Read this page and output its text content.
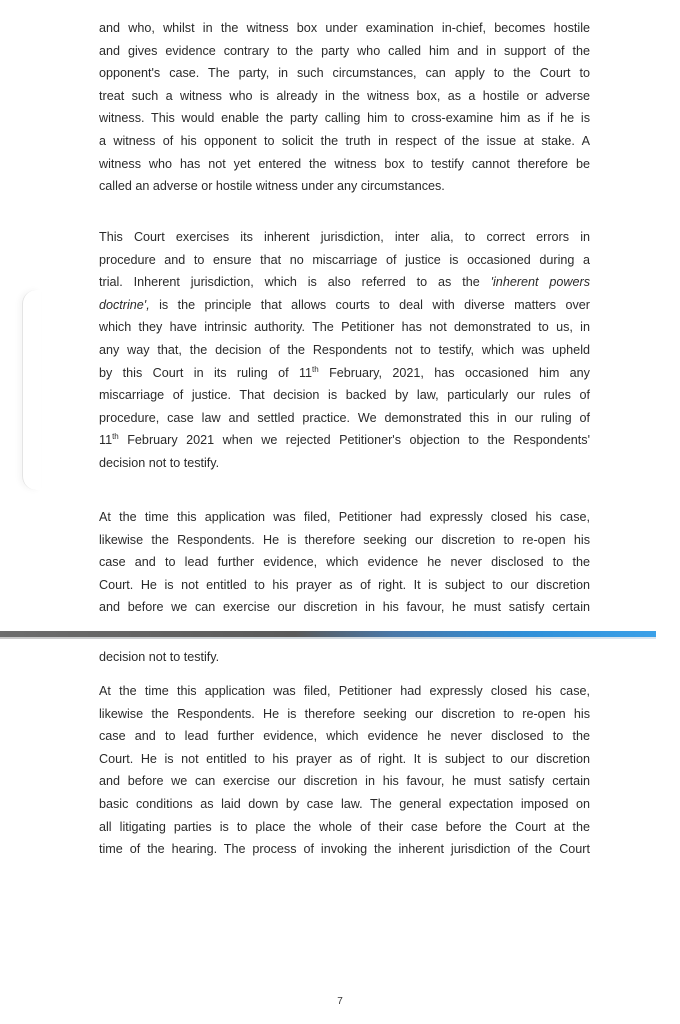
and who, whilst in the witness box under examination in-chief, becomes hostile
and gives evidence contrary to the party who called him and in support of the
opponent's case. The party, in such circumstances, can apply to the Court to
treat such a witness who is already in the witness box, as a hostile or adverse
witness. This would enable the party calling him to cross-examine him as if he is
a witness of his opponent to solicit the truth in respect of the issue at stake. A
witness who has not yet entered the witness box to testify cannot therefore be
called an adverse or hostile witness under any circumstances.

This Court exercises its inherent jurisdiction, inter alia, to correct errors in
procedure and to ensure that no miscarriage of justice is occasioned during a
trial. Inherent jurisdiction, which is also referred to as the 'inherent powers
doctrine', is the principle that allows courts to deal with diverse matters over
which they have intrinsic authority. The Petitioner has not demonstrated to us, in
any way that, the decision of the Respondents not to testify, which was upheld
by this Court in its ruling of 11th February, 2021, has occasioned him any
miscarriage of justice. That decision is backed by law, particularly our rules of
procedure, case law and settled practice. We demonstrated this in our ruling of
11th February 2021 when we rejected Petitioner's objection to the Respondents'
decision not to testify.

At the time this application was filed, Petitioner had expressly closed his case,
likewise the Respondents. He is therefore seeking our discretion to re-open his
case and to lead further evidence, which evidence he never disclosed to the
Court. He is not entitled to his prayer as of right. It is subject to our discretion
and before we can exercise our discretion in his favour, he must satisfy certain

decision not to testify.

At the time this application was filed, Petitioner had expressly closed his case,
likewise the Respondents. He is therefore seeking our discretion to re-open his
case and to lead further evidence, which evidence he never disclosed to the
Court. He is not entitled to his prayer as of right. It is subject to our discretion
and before we can exercise our discretion in his favour, he must satisfy certain
basic conditions as laid down by case law. The general expectation imposed on
all litigating parties is to place the whole of their case before the Court at the
time of the hearing. The process of invoking the inherent jurisdiction of the Court

7
